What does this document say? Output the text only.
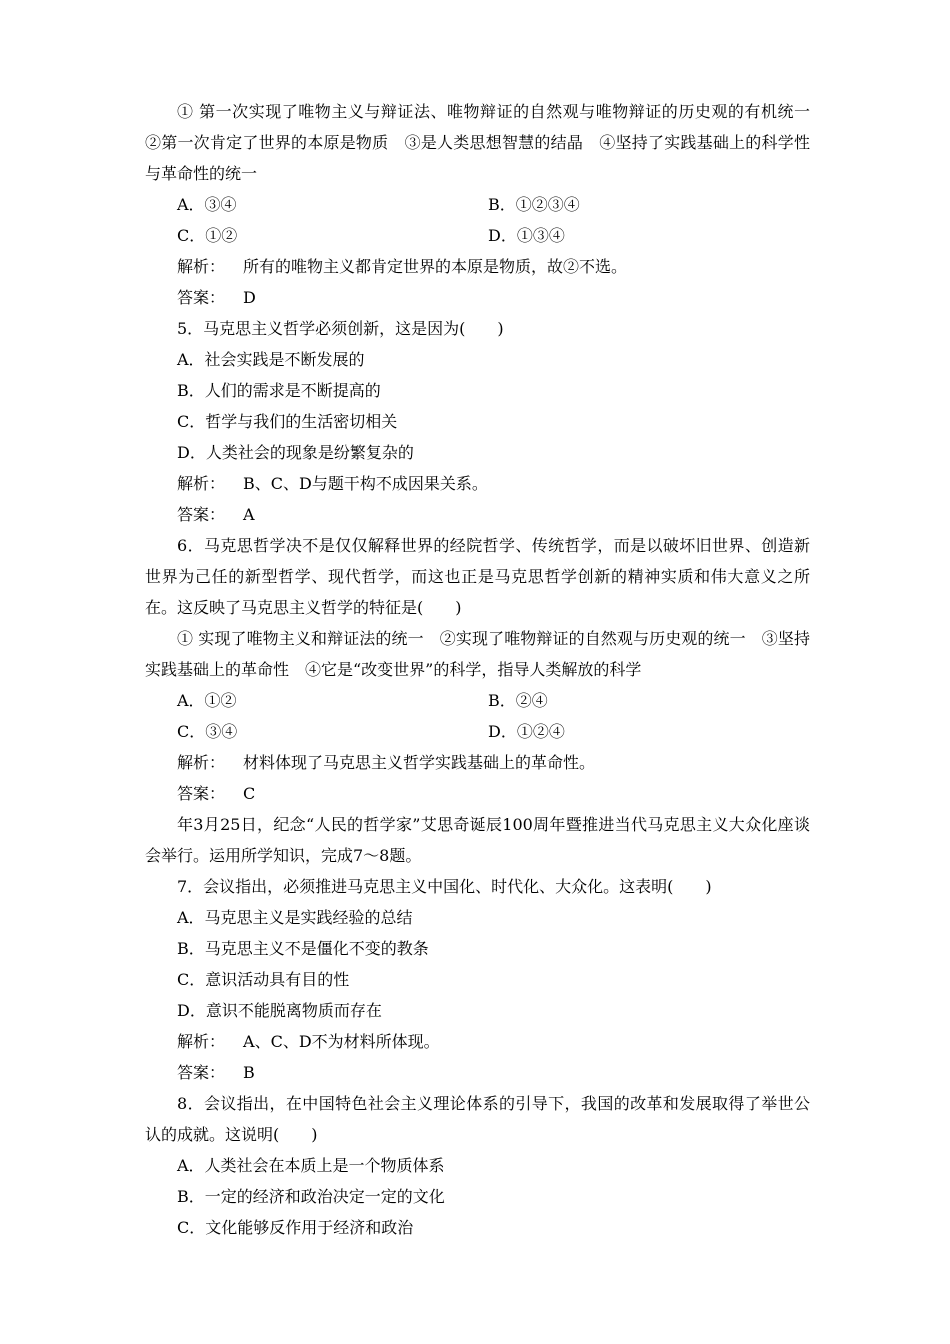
① 第一次实现了唯物主义与辩证法、唯物辩证的自然观与唯物辩证的历史观的有机统一　②第一次肯定了世界的本原是物质　③是人类思想智慧的结晶　④坚持了实践基础上的科学性与革命性的统一
A．③④	B．①②③④
C．①②	D．①③④
解析： 所有的唯物主义都肯定世界的本原是物质，故②不选。
答案： D
5．马克思主义哲学必须创新，这是因为(　　)
A．社会实践是不断发展的
B．人们的需求是不断提高的
C．哲学与我们的生活密切相关
D．人类社会的现象是纷繁复杂的
解析： B、C、D与题干构不成因果关系。
答案： A
6．马克思哲学决不是仅仅解释世界的经院哲学、传统哲学，而是以破坏旧世界、创造新世界为己任的新型哲学、现代哲学，而这也正是马克思哲学创新的精神实质和伟大意义之所在。这反映了马克思主义哲学的特征是(　　)
① 实现了唯物主义和辩证法的统一　②实现了唯物辩证的自然观与历史观的统一　③坚持实践基础上的革命性　④它是“改变世界”的科学，指导人类解放的科学
A．①②	B．②④
C．③④	D．①②④
解析： 材料体现了马克思主义哲学实践基础上的革命性。
答案： C
年3月25日，纪念“人民的哲学家”艾思奇诞辰100周年暨推进当代马克思主义大众化座谈会举行。运用所学知识，完成7～8题。
7．会议指出，必须推进马克思主义中国化、时代化、大众化。这表明(　　)
A．马克思主义是实践经验的总结
B．马克思主义不是僵化不变的教条
C．意识活动具有目的性
D．意识不能脱离物质而存在
解析： A、C、D不为材料所体现。
答案： B
8．会议指出，在中国特色社会主义理论体系的引导下，我国的改革和发展取得了举世公认的成就。这说明(　　)
A．人类社会在本质上是一个物质体系
B．一定的经济和政治决定一定的文化
C．文化能够反作用于经济和政治
